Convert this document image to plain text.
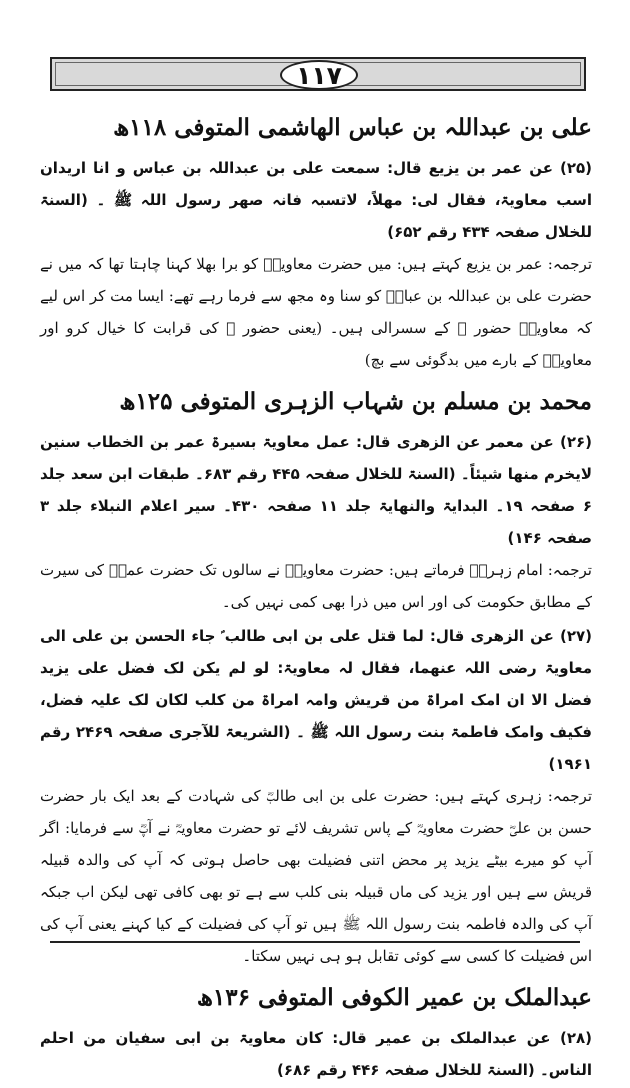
۱۱۷

علی بن عبداللہ بن عباس الھاشمی المتوفی ۱۱۸ھ

(۲۵) عن عمر بن یزیع قال: سمعت علی بن عبداللہ بن عباس و انا اریدان اسب معاویۃ، فقال لی: مھلاً، لاتسبہ فانہ صھر رسول اللہ ﷺ ۔ (السنۃ للخلال صفحہ ۴۳۴ رقم ۶۵۲)

ترجمہ: عمر بن یزیع کہتے ہیں: میں حضرت معاویہؓ کو برا بھلا کہنا چاہتا تھا کہ میں نے حضرت علی بن عبداللہ بن عباسؓ کو سنا وہ مجھ سے فرما رہے تھے: ایسا مت کر اس لیے کہ معاویہؓ حضور ﷺ کے سسرالی ہیں۔ (یعنی حضور ﷺ کی قرابت کا خیال کرو اور معاویہؓ کے بارے میں بدگوئی سے بچ)

محمد بن مسلم بن شہاب الزہری المتوفی ۱۲۵ھ

(۲۶) عن معمر عن الزھری قال: عمل معاویۃ بسیرۃ عمر بن الخطاب سنین لایخرم منھا شیئاً۔ (السنۃ للخلال صفحہ ۴۴۵ رقم ۶۸۳۔ طبقات ابن سعد جلد ۶ صفحہ ۱۹۔ البدایۃ والنھایۃ جلد ۱۱ صفحہ ۴۳۰۔ سیر اعلام النبلاء جلد ۳ صفحہ ۱۴۶)

ترجمہ: امام زہریؒ فرماتے ہیں: حضرت معاویہؓ نے سالوں تک حضرت عمرؓ کی سیرت کے مطابق حکومت کی اور اس میں ذرا بھی کمی نہیں کی۔

(۲۷) عن الزھری قال: لما قتل علی بن ابی طالب ؑ جاء الحسن بن علی الی معاویۃ رضی اللہ عنھما، فقال لہ معاویۃ: لو لم یکن لک فضل علی یزید فضل الا ان امک امراۃ من قریش وامہ امراۃ من کلب لکان لک علیہ فضل، فکیف وامک فاطمۃ بنت رسول اللہ ﷺ ۔ (الشریعۃ للآجری صفحہ ۲۴۶۹ رقم ۱۹۶۱)

ترجمہ: زہری کہتے ہیں: حضرت علی بن ابی طالبؓ کی شہادت کے بعد ایک بار حضرت حسن بن علیؓ حضرت معاویہؓ کے پاس تشریف لائے تو حضرت معاویہؓ نے آپؓ سے فرمایا: اگر آپ کو میرے بیٹے یزید پر محض اتنی فضیلت بھی حاصل ہوتی کہ آپ کی والدہ قبیلہ قریش سے ہیں اور یزید کی ماں قبیلہ بنی کلب سے ہے تو بھی کافی تھی لیکن اب جبکہ آپ کی والدہ فاطمہ بنت رسول اللہ ﷺ ہیں تو آپ کی فضیلت کے کیا کہنے یعنی آپ کی اس فضیلت کا کسی سے کوئی تقابل ہو ہی نہیں سکتا۔

عبدالملک بن عمیر الکوفی المتوفی ۱۳۶ھ

(۲۸) عن عبدالملک بن عمیر قال: کان معاویۃ بن ابی سفیان من احلم الناس۔ (السنۃ للخلال صفحہ ۴۴۶ رقم ۶۸۶)
